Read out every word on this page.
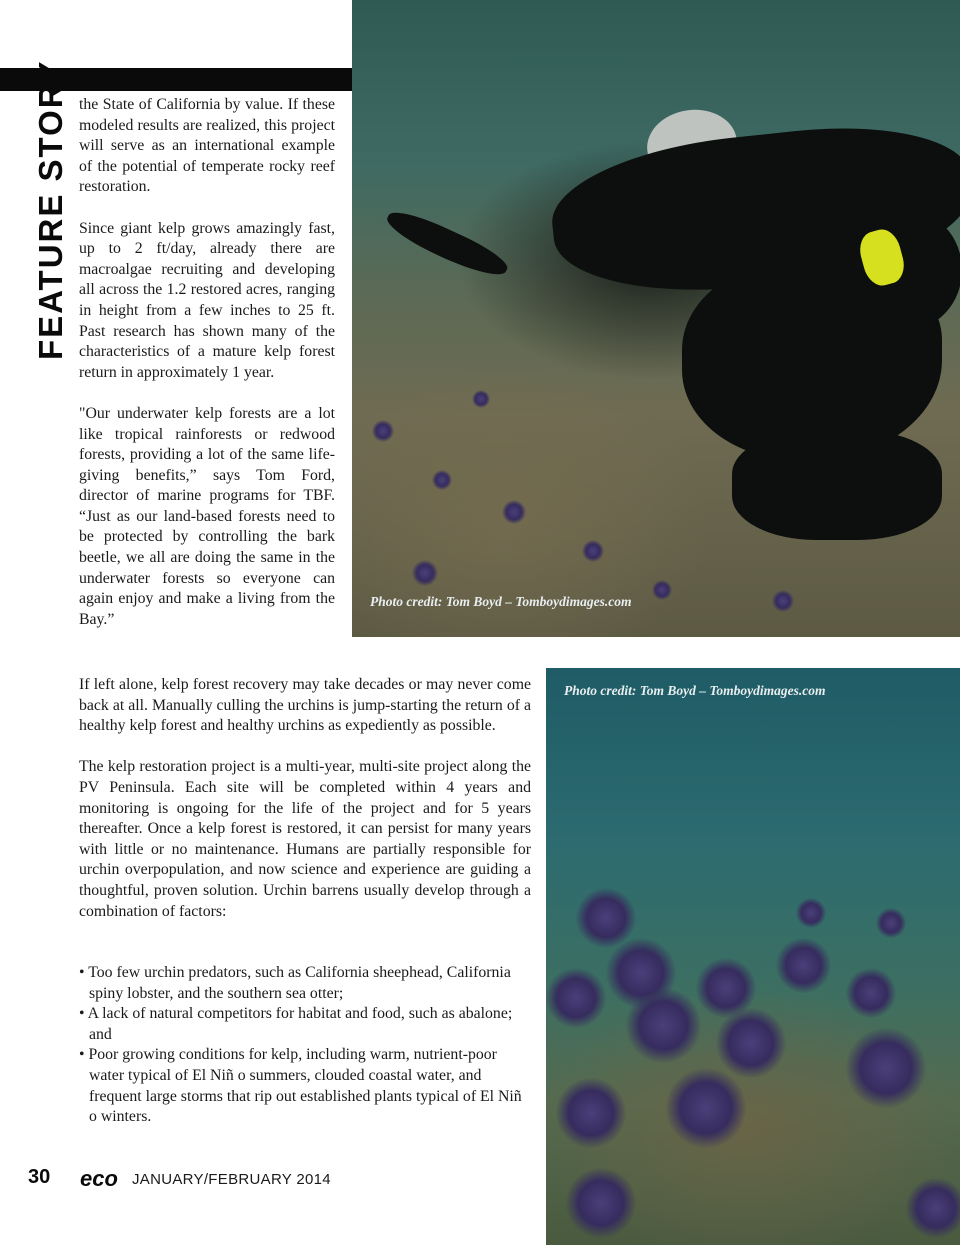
FEATURE STORY
Photo credit: Tom Boyd – Tomboydimages.com
Photo credit: Tom Boyd – Tomboydimages.com

the State of California by value. If these modeled results are realized, this project will serve as an international example of the potential of temperate rocky reef restoration.

Since giant kelp grows amazingly fast, up to 2 ft/day, already there are macroalgae recruiting and developing all across the 1.2 restored acres, ranging in height from a few inches to 25 ft. Past research has shown many of the characteristics of a mature kelp forest return in approximately 1 year.

"Our underwater kelp forests are a lot like tropical rainforests or redwood forests, providing a lot of the same life-giving benefits,” says Tom Ford, director of marine programs for TBF. “Just as our land-based forests need to be protected by controlling the bark beetle, we all are doing the same in the underwater forests so everyone can again enjoy and make a living from the Bay.”

If left alone, kelp forest recovery may take decades or may never come back at all. Manually culling the urchins is jump-starting the return of a healthy kelp forest and healthy urchins as expediently as possible.

The kelp restoration project is a multi-year, multi-site project along the PV Peninsula. Each site will be completed within 4 years and monitoring is ongoing for the life of the project and for 5 years thereafter. Once a kelp forest is restored, it can persist for many years with little or no maintenance. Humans are partially responsible for urchin overpopulation, and now science and experience are guiding a thoughtful, proven solution. Urchin barrens usually develop through a combination of factors:

• Too few urchin predators, such as California sheephead, California spiny lobster, and the southern sea otter;

• A lack of natural competitors for habitat and food, such as abalone; and

• Poor growing conditions for kelp, including warm, nutrient-poor water typical of El Niñ o summers, clouded coastal water, and frequent large storms that rip out established plants typical of El Niñ o winters.

30 eco JANUARY/FEBRUARY 2014
